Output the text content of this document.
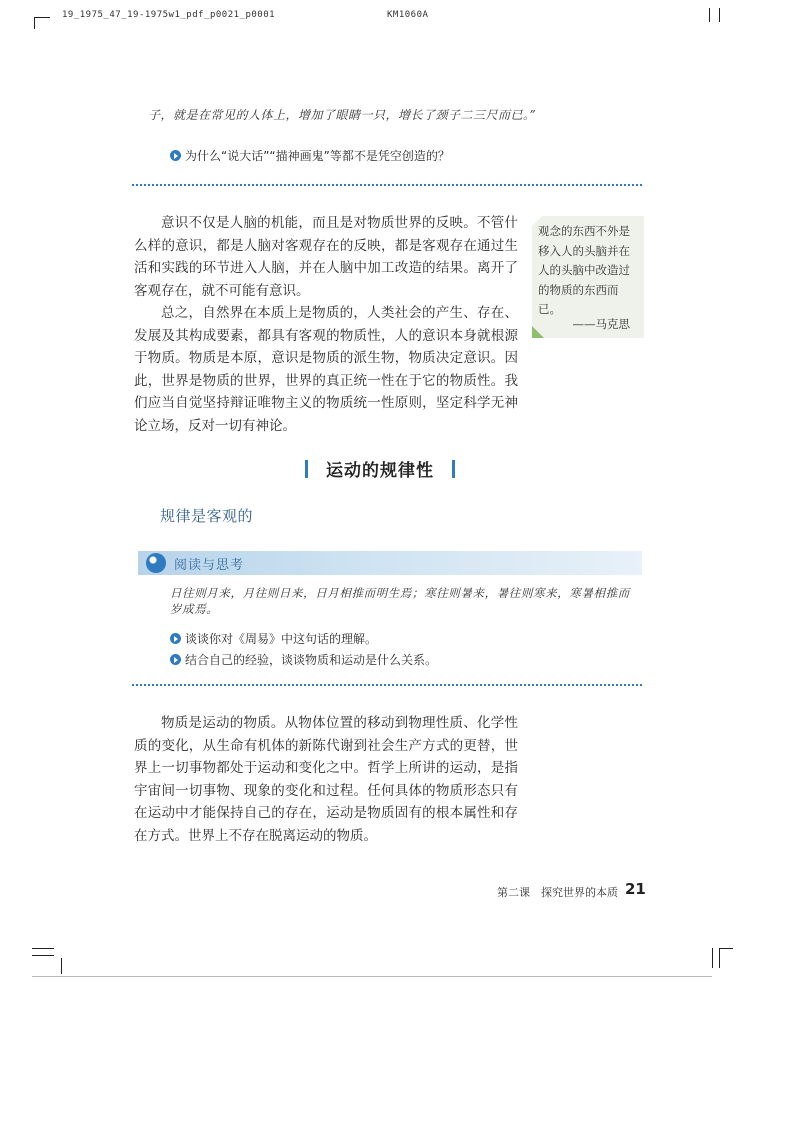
19_1975_47_19-1975w1_pdf_p0021_p0001	KM1060A
子，就是在常见的人体上，增加了眼睛一只，增长了颈子二三尺而已。”
为什么“说大话”“描神画鬼”等都不是凭空创造的？

意识不仅是人脑的机能，而且是对物质世界的反映。不管什么样的意识，都是人脑对客观存在的反映，都是客观存在通过生活和实践的环节进入人脑，并在人脑中加工改造的结果。离开了客观存在，就不可能有意识。

总之，自然界在本质上是物质的，人类社会的产生、存在、发展及其构成要素，都具有客观的物质性，人的意识本身就根源于物质。物质是本原，意识是物质的派生物，物质决定意识。因此，世界是物质的世界，世界的真正统一性在于它的物质性。我们应当自觉坚持辩证唯物主义的物质统一性原则，坚定科学无神论立场，反对一切有神论。

观念的东西不外是移入人的头脑并在人的头脑中改造过的物质的东西而已。
——马克思
运动的规律性
规律是客观的
阅读与思考
日往则月来，月往则日来，日月相推而明生焉；寒往则暑来，暑往则寒来，寒暑相推而岁成焉。
谈谈你对《周易》中这句话的理解。
结合自己的经验，谈谈物质和运动是什么关系。

物质是运动的物质。从物体位置的移动到物理性质、化学性质的变化，从生命有机体的新陈代谢到社会生产方式的更替，世界上一切事物都处于运动和变化之中。哲学上所讲的运动，是指宇宙间一切事物、现象的变化和过程。任何具体的物质形态只有在运动中才能保持自己的存在，运动是物质固有的根本属性和存在方式。世界上不存在脱离运动的物质。

第二课　探究世界的本质 21
